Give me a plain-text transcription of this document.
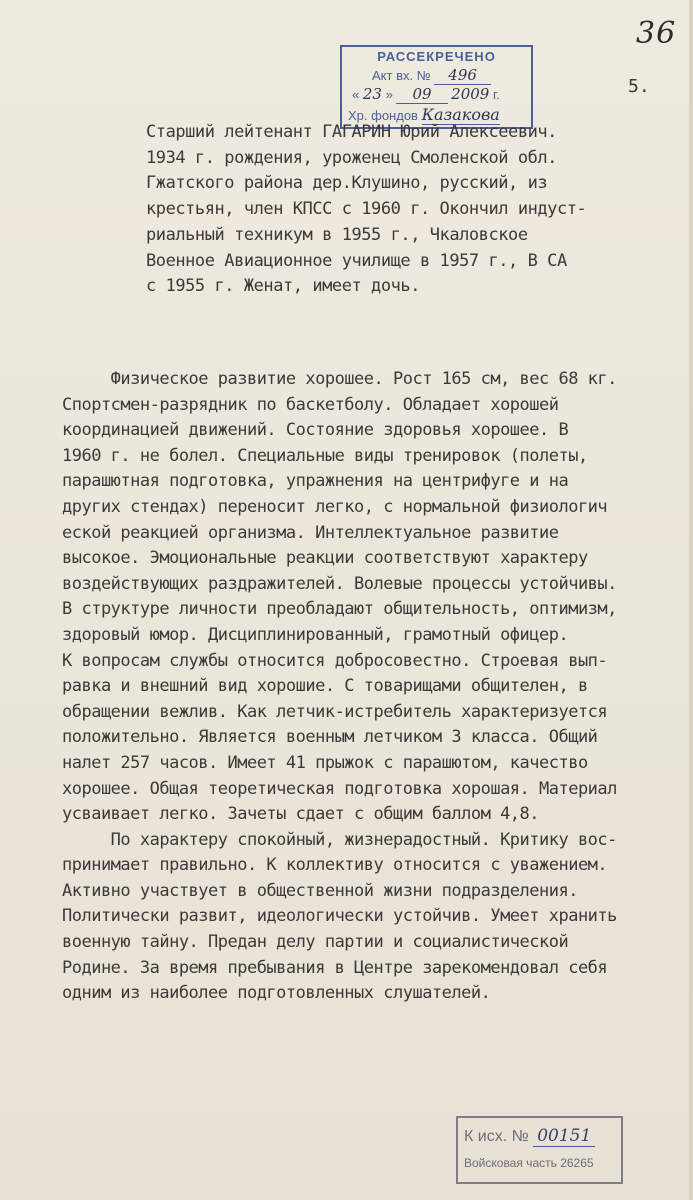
36
РАССЕКРЕЧЕНО
Акт вх. № 496
« 23 » 09 2009 г.
Хр. фондов Казакова
5.

Старший лейтенант ГАГАРИН Юрий Алексеевич.

1934 г. рождения, уроженец Смоленской обл.

Гжатского района дер.Клушино, русский, из

крестьян, член КПСС с 1960 г. Окончил индуст-

риальный техникум в 1955 г., Чкаловское

Военное Авиационное училище в 1957 г., В СА

с 1955 г. Женат, имеет дочь.

Физическое развитие хорошее. Рост 165 см, вес 68 кг.

Спортсмен-разрядник по баскетболу. Обладает хорошей

координацией движений. Состояние здоровья хорошее. В

1960 г. не болел. Специальные виды тренировок (полеты,

парашютная подготовка, упражнения на центрифуге и на

других стендах) переносит легко, с нормальной физиологич

еской реакцией организма. Интеллектуальное развитие

высокое. Эмоциональные реакции соответствуют характеру

воздействующих раздражителей. Волевые процессы устойчивы.

В структуре личности преобладают общительность, оптимизм,

здоровый юмор. Дисциплинированный, грамотный офицер.

К вопросам службы относится добросовестно. Строевая вып-

равка и внешний вид хорошие. С товарищами общителен, в

обращении вежлив. Как летчик-истребитель характеризуется

положительно. Является военным летчиком 3 класса. Общий

налет 257 часов. Имеет 41 прыжок с парашютом, качество

хорошее. Общая теоретическая подготовка хорошая. Материал

усваивает легко. Зачеты сдает с общим баллом 4,8.

По характеру спокойный, жизнерадостный. Критику вос-

принимает правильно. К коллективу относится с уважением.

Активно участвует в общественной жизни подразделения.

Политически развит, идеологически устойчив. Умеет хранить

военную тайну. Предан делу партии и социалистической

Родине. За время пребывания в Центре зарекомендовал себя

одним из наиболее подготовленных слушателей.

К исх. № 00151
Войсковая часть 26265
